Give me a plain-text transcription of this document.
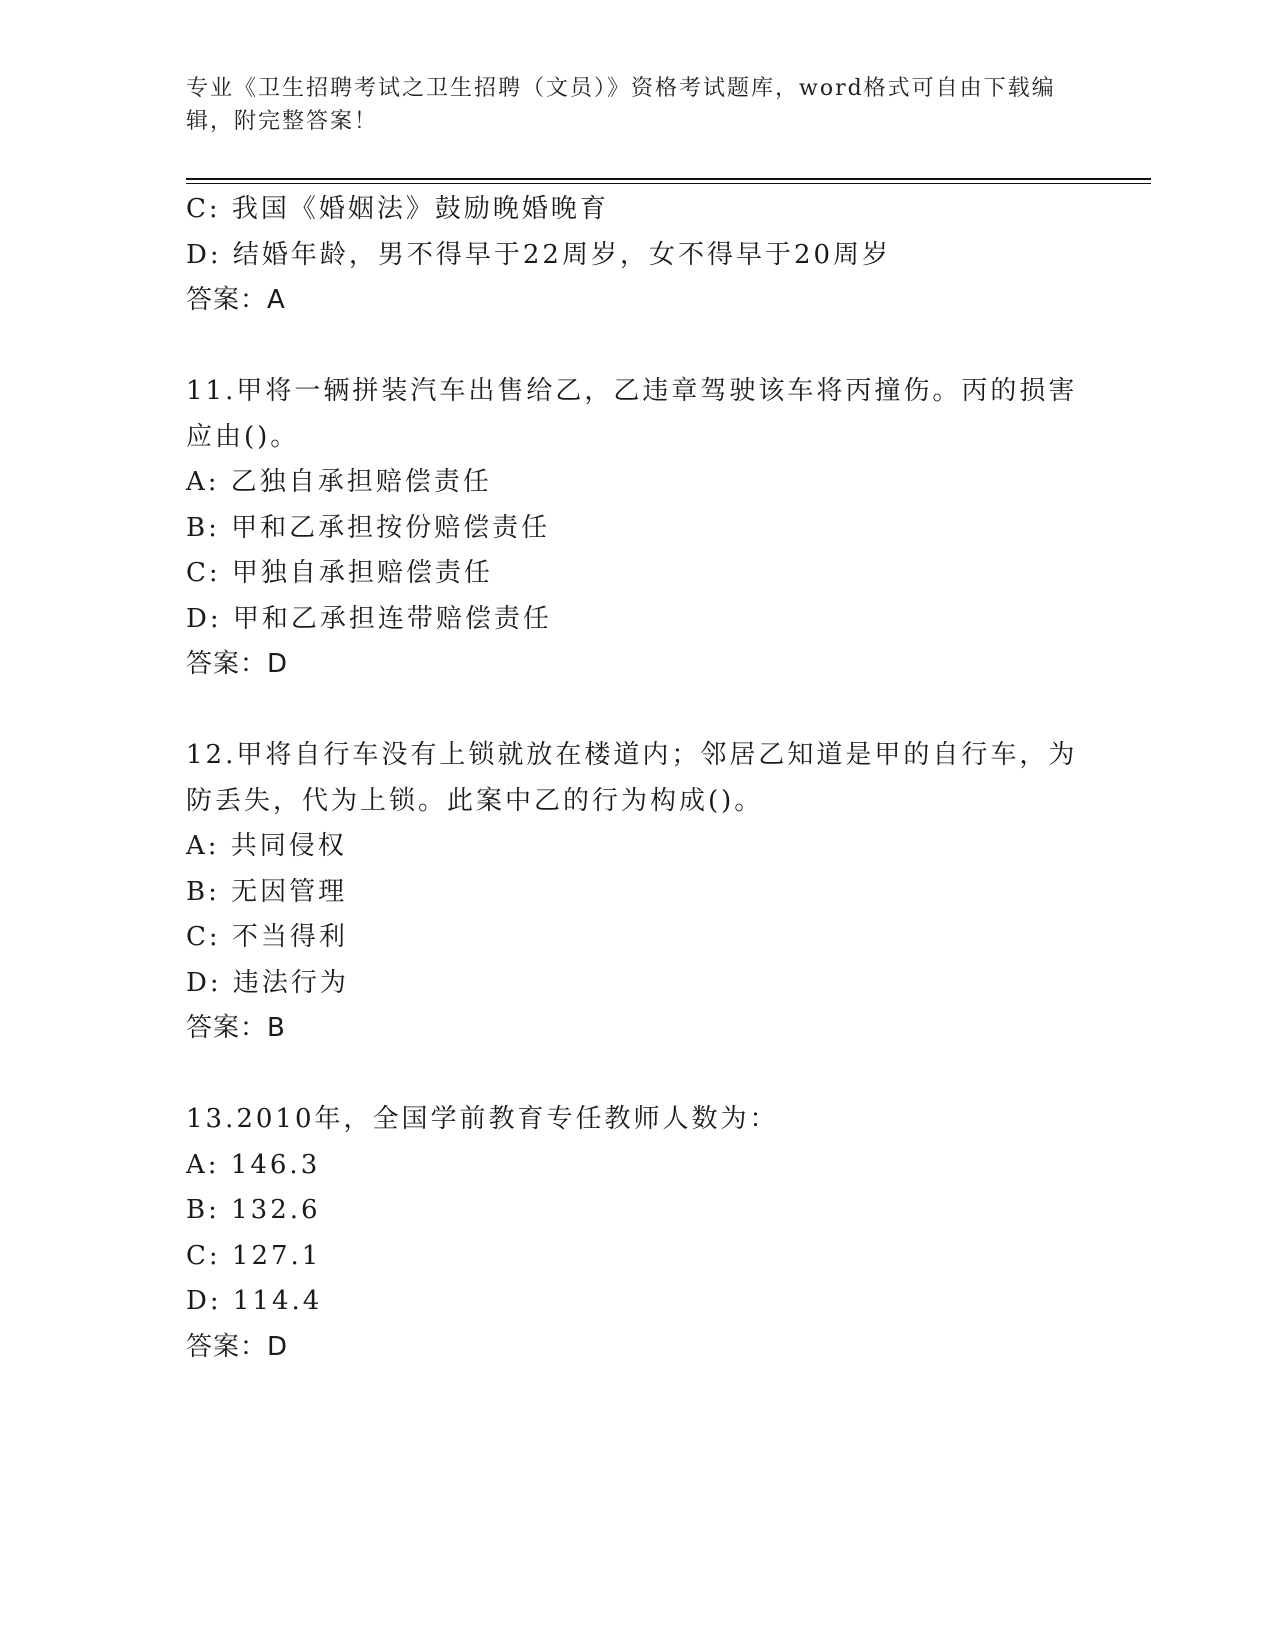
专业《卫生招聘考试之卫生招聘（文员）》资格考试题库，word格式可自由下载编辑，附完整答案！
C: 我国《婚姻法》鼓励晚婚晚育
D: 结婚年龄，男不得早于22周岁，女不得早于20周岁
答案：A
11.甲将一辆拼装汽车出售给乙，乙违章驾驶该车将丙撞伤。丙的损害应由()。
A: 乙独自承担赔偿责任
B: 甲和乙承担按份赔偿责任
C: 甲独自承担赔偿责任
D: 甲和乙承担连带赔偿责任
答案：D
12.甲将自行车没有上锁就放在楼道内；邻居乙知道是甲的自行车，为防丢失，代为上锁。此案中乙的行为构成()。
A: 共同侵权
B: 无因管理
C: 不当得利
D: 违法行为
答案：B
13.2010年，全国学前教育专任教师人数为：
A: 146.3
B: 132.6
C: 127.1
D: 114.4
答案：D
